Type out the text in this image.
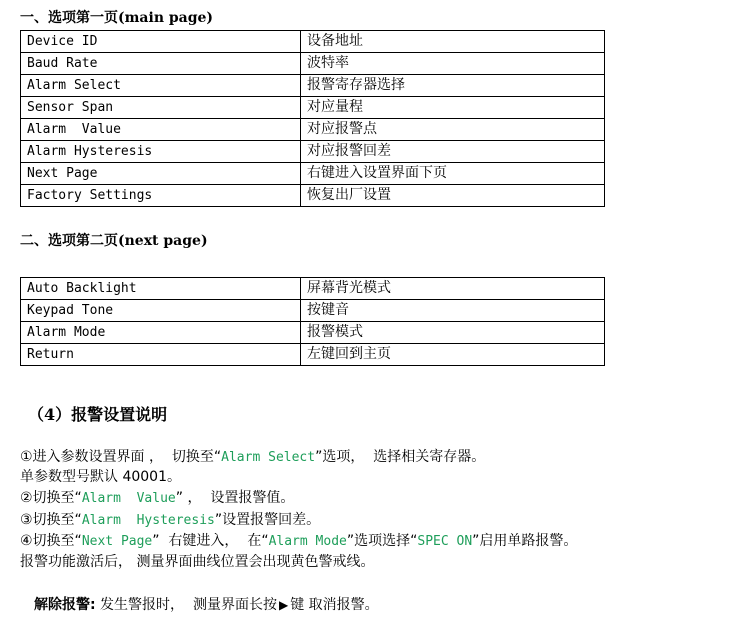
一、选项第一页(main page)
Device ID	设备地址
Baud Rate	波特率
Alarm Select	报警寄存器选择
Sensor Span	对应量程
Alarm  Value	对应报警点
Alarm Hysteresis	对应报警回差
Next Page	右键进入设置界面下页
Factory Settings	恢复出厂设置
二、选项第二页(next page)
Auto Backlight	屏幕背光模式
Keypad Tone	按键音
Alarm Mode	报警模式
Return	左键回到主页
（4）报警设置说明
①进入参数设置界面 ，  切换至“Alarm Select”选项，  选择相关寄存器。
单参数型号默认 40001。
②切换至“Alarm  Value” ，  设置报警值。
③切换至“Alarm  Hysteresis”设置报警回差。
④切换至“Next Page”  右键进入，  在“Alarm Mode”选项选择“SPEC ON”启用单路报警。
报警功能激活后， 测量界面曲线位置会出现黄色警戒线。
解除报警: 发生警报时，  测量界面长按 ▶ 键 取消报警。
